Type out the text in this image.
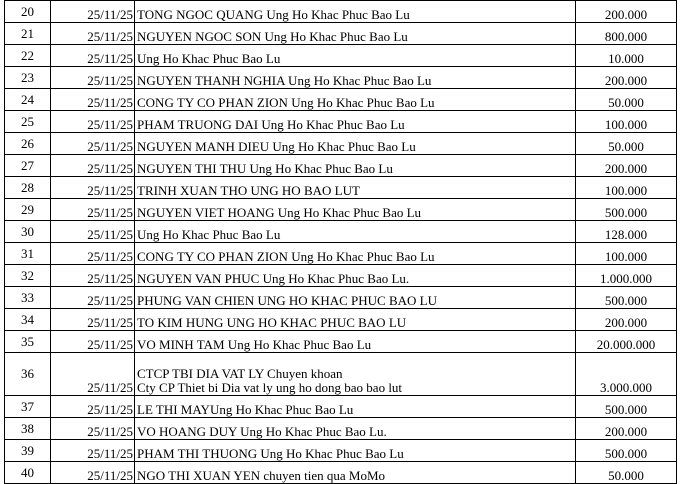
20	25/11/25	TONG NGOC QUANG Ung Ho Khac Phuc Bao Lu	200.000
21	25/11/25	NGUYEN NGOC SON Ung Ho Khac Phuc Bao Lu	800.000
22	25/11/25	Ung Ho Khac Phuc Bao Lu	10.000
23	25/11/25	NGUYEN THANH NGHIA Ung Ho Khac Phuc Bao Lu	200.000
24	25/11/25	CONG TY CO PHAN ZION Ung Ho Khac Phuc Bao Lu	50.000
25	25/11/25	PHAM TRUONG DAI Ung Ho Khac Phuc Bao Lu	100.000
26	25/11/25	NGUYEN MANH DIEU Ung Ho Khac Phuc Bao Lu	50.000
27	25/11/25	NGUYEN THI THU Ung Ho Khac Phuc Bao Lu	200.000
28	25/11/25	TRINH XUAN THO UNG HO BAO LUT	100.000
29	25/11/25	NGUYEN VIET HOANG Ung Ho Khac Phuc Bao Lu	500.000
30	25/11/25	Ung Ho Khac Phuc Bao Lu	128.000
31	25/11/25	CONG TY CO PHAN ZION Ung Ho Khac Phuc Bao Lu	100.000
32	25/11/25	NGUYEN VAN PHUC Ung Ho Khac Phuc Bao Lu.	1.000.000
33	25/11/25	PHUNG VAN CHIEN UNG HO KHAC PHUC BAO LU	500.000
34	25/11/25	TO KIM HUNG UNG HO KHAC PHUC BAO LU	200.000
35	25/11/25	VO MINH TAM Ung Ho Khac Phuc Bao Lu	20.000.000
36	25/11/25	CTCP TBI DIA VAT LY Chuyen khoan
Cty CP Thiet bi Dia vat ly ung ho dong bao bao lut	3.000.000
37	25/11/25	LE THI MAYUng Ho Khac Phuc Bao Lu	500.000
38	25/11/25	VO HOANG DUY Ung Ho Khac Phuc Bao Lu.	200.000
39	25/11/25	PHAM THI THUONG Ung Ho Khac Phuc Bao Lu	500.000
40	25/11/25	NGO THI XUAN YEN chuyen tien qua MoMo	50.000
